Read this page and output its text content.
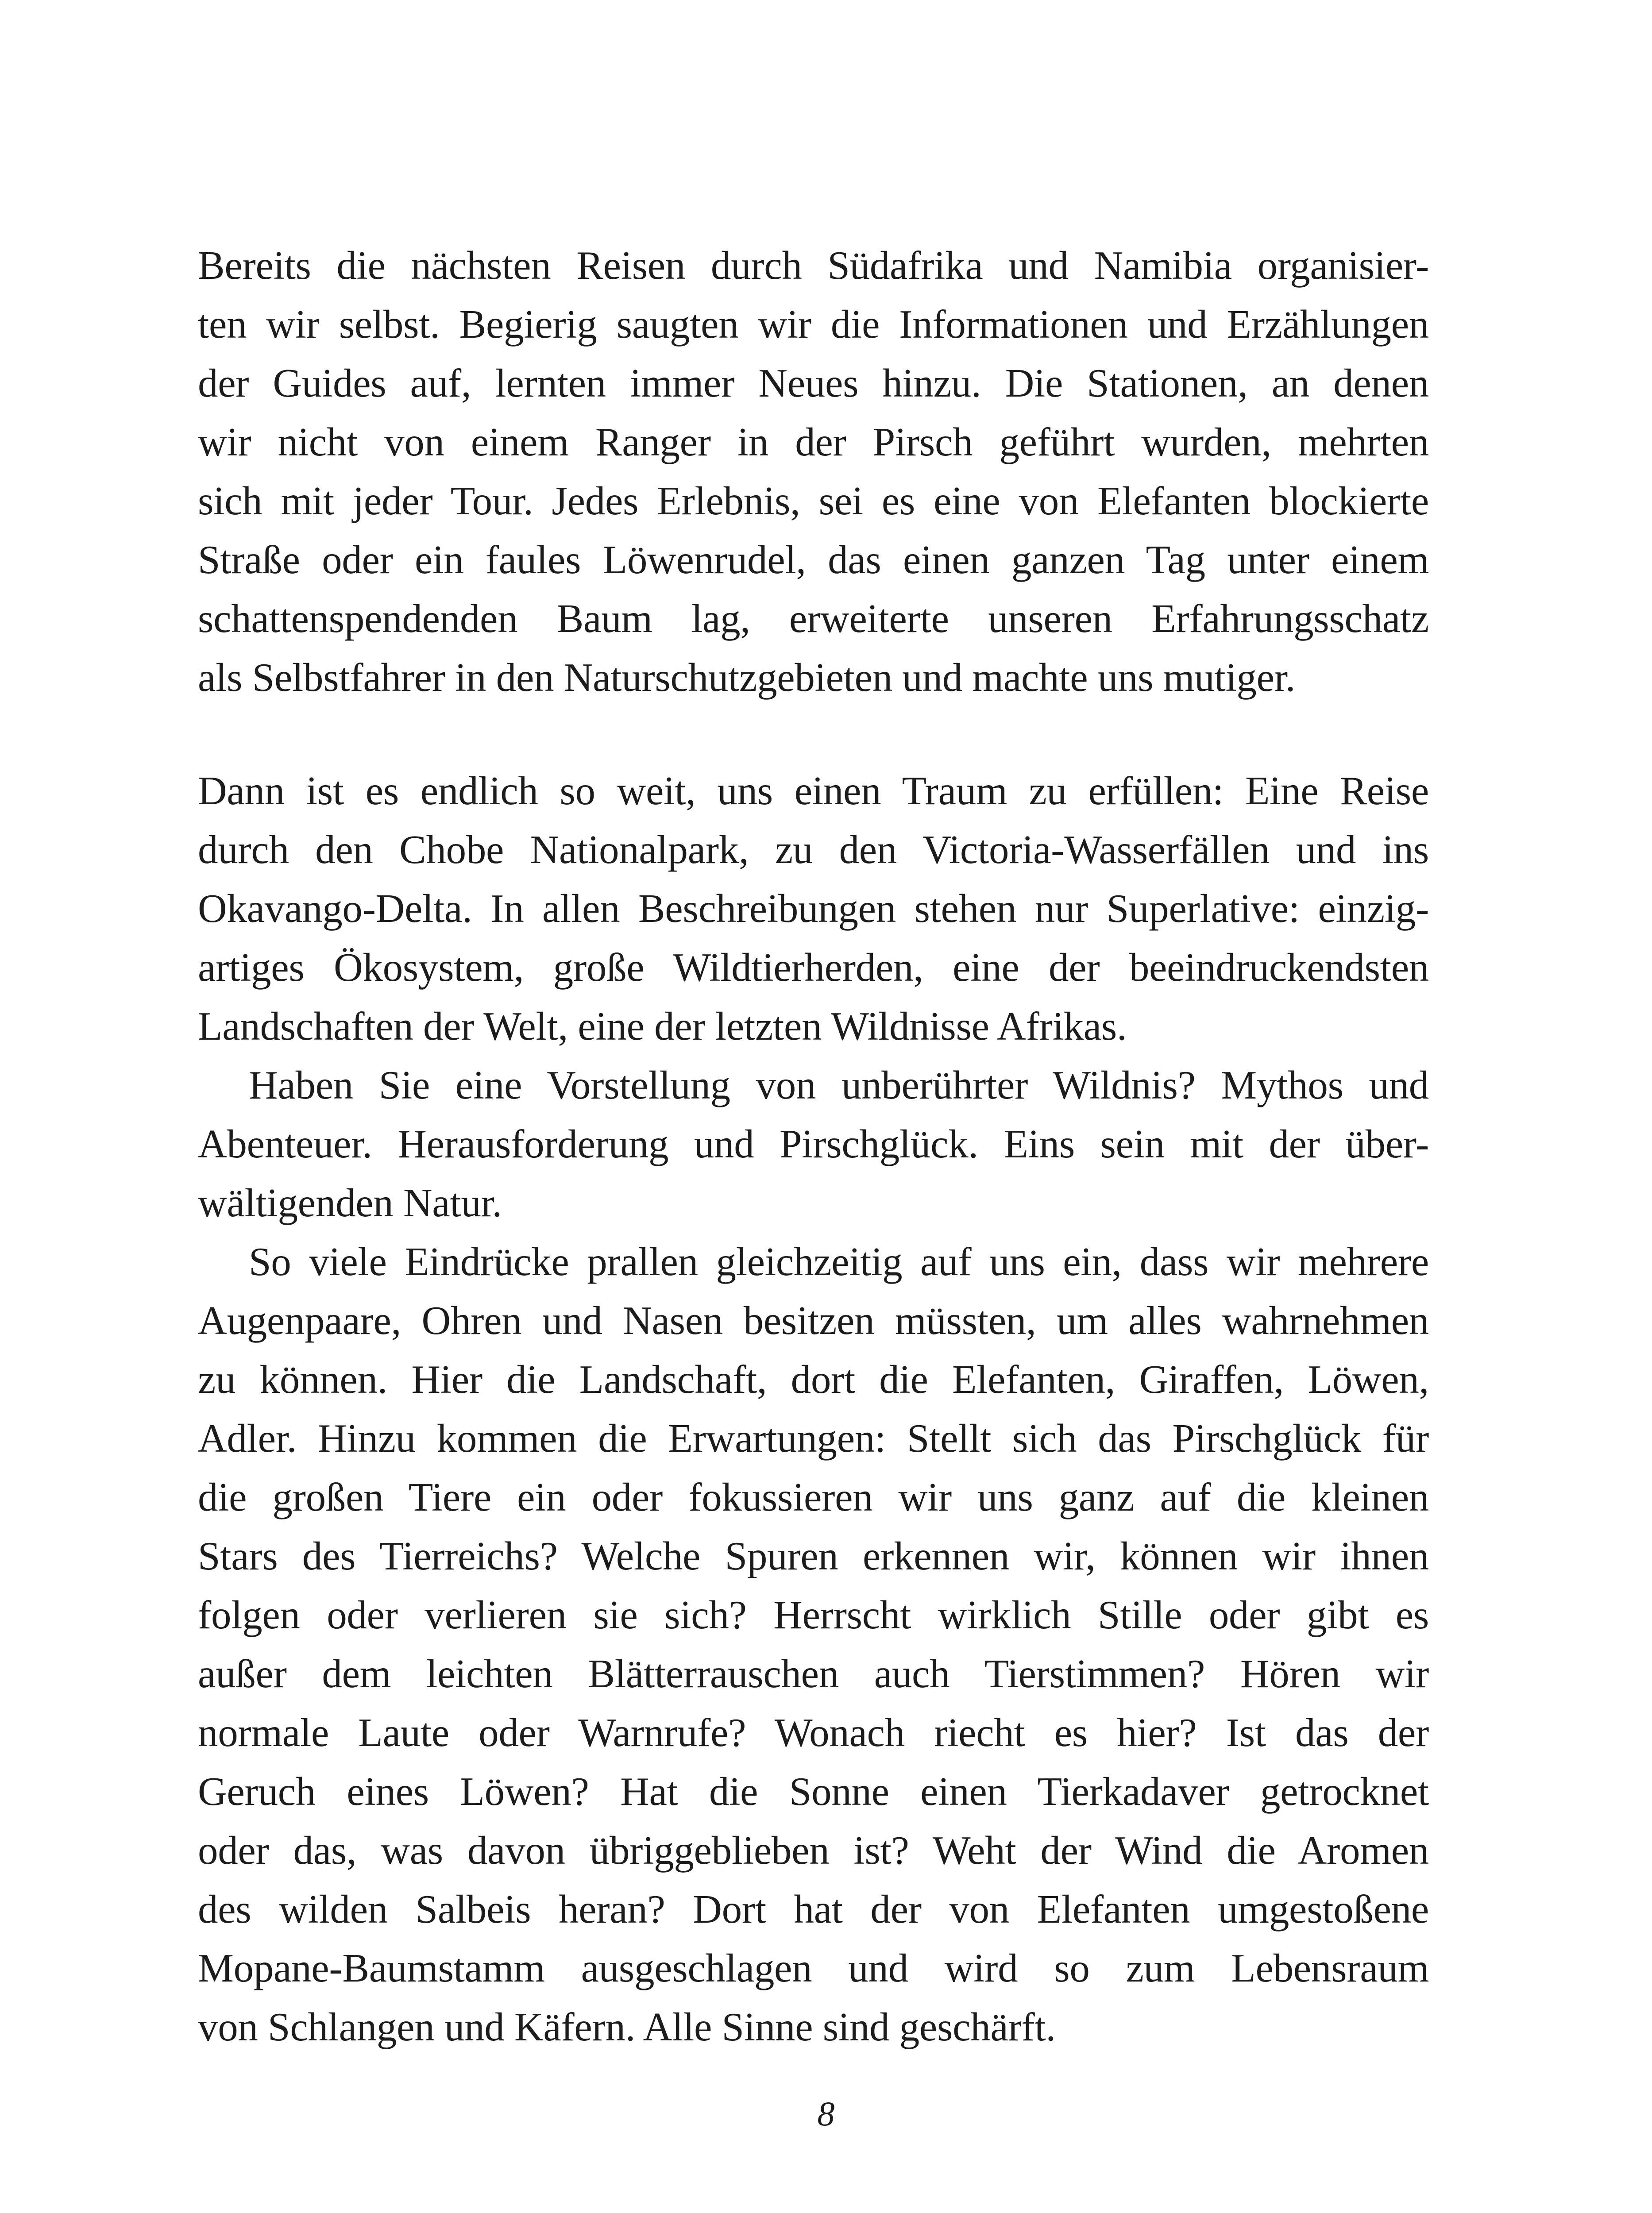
Bereits die nächsten Reisen durch Südafrika und Namibia organisier-
ten wir selbst. Begierig saugten wir die Informationen und Erzählungen
der Guides auf, lernten immer Neues hinzu. Die Stationen, an denen
wir nicht von einem Ranger in der Pirsch geführt wurden, mehrten
sich mit jeder Tour. Jedes Erlebnis, sei es eine von Elefanten blockierte
Straße oder ein faules Löwenrudel, das einen ganzen Tag unter einem
schattenspendenden Baum lag, erweiterte unseren Erfahrungsschatz
als Selbstfahrer in den Naturschutzgebieten und machte uns mutiger.
Dann ist es endlich so weit, uns einen Traum zu erfüllen: Eine Reise
durch den Chobe Nationalpark, zu den Victoria-Wasserfällen und ins
Okavango-Delta. In allen Beschreibungen stehen nur Superlative: einzig-
artiges Ökosystem, große Wildtierherden, eine der beeindruckendsten
Landschaften der Welt, eine der letzten Wildnisse Afrikas.
Haben Sie eine Vorstellung von unberührter Wildnis? Mythos und
Abenteuer. Herausforderung und Pirschglück. Eins sein mit der über-
wältigenden Natur.
So viele Eindrücke prallen gleichzeitig auf uns ein, dass wir mehrere
Augenpaare, Ohren und Nasen besitzen müssten, um alles wahrnehmen
zu können. Hier die Landschaft, dort die Elefanten, Giraffen, Löwen,
Adler. Hinzu kommen die Erwartungen: Stellt sich das Pirschglück für
die großen Tiere ein oder fokussieren wir uns ganz auf die kleinen
Stars des Tierreichs? Welche Spuren erkennen wir, können wir ihnen
folgen oder verlieren sie sich? Herrscht wirklich Stille oder gibt es
außer dem leichten Blätterrauschen auch Tierstimmen? Hören wir
normale Laute oder Warnrufe? Wonach riecht es hier? Ist das der
Geruch eines Löwen? Hat die Sonne einen Tierkadaver getrocknet
oder das, was davon übriggeblieben ist? Weht der Wind die Aromen
des wilden Salbeis heran? Dort hat der von Elefanten umgestoßene
Mopane-Baumstamm ausgeschlagen und wird so zum Lebensraum
von Schlangen und Käfern. Alle Sinne sind geschärft.
8
